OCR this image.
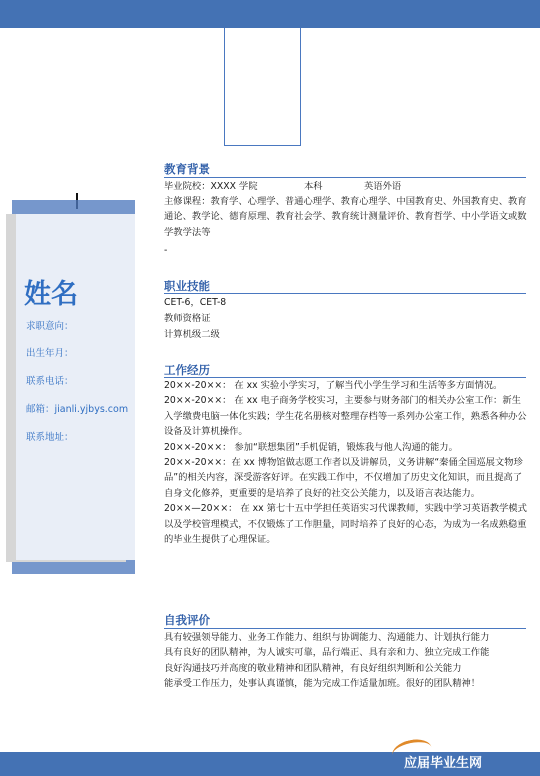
姓名
求职意向：
出生年月：
联系电话：
邮箱：jianli.yjbys.com
联系地址：
教育背景
毕业院校：XXXX 学院	本科	英语外语
主修课程：教育学、心理学、普通心理学、教育心理学、中国教育史、外国教育史、教育通论、教学论、德育原理、教育社会学、教育统计测量评价、教育哲学、中小学语文或数学教学法等
-
职业技能
CET-6，CET-8
教师资格证
计算机级二级
工作经历
20××-20××： 在 xx 实验小学实习，了解当代小学生学习和生活等多方面情况。
20××-20××： 在 xx 电子商务学校实习，主要参与财务部门的相关办公室工作：新生入学缴费电脑一体化实践；学生花名册核对整理存档等一系列办公室工作，熟悉各种办公设备及计算机操作。
20××-20××： 参加“联想集团”手机促销，锻炼我与他人沟通的能力。
20××-20××：在 xx 博物馆做志愿工作者以及讲解员，义务讲解“秦俑全国巡展文物珍品”的相关内容，深受游客好评。在实践工作中，不仅增加了历史文化知识，而且提高了自身文化修养，更重要的是培养了良好的社交公关能力，以及语言表达能力。
20××—20××： 在 xx 第七十五中学担任英语实习代课教师，实践中学习英语教学模式以及学校管理模式，不仅锻炼了工作胆量，同时培养了良好的心态，为成为一名成熟稳重的毕业生提供了心理保证。
自我评价
具有较强领导能力、业务工作能力、组织与协调能力、沟通能力、计划执行能力
具有良好的团队精神，为人诚实可靠，品行端正、具有亲和力、独立完成工作能
良好沟通技巧并高度的敬业精神和团队精神，有良好组织判断和公关能力
能承受工作压力，处事认真谨慎，能为完成工作适量加班。很好的团队精神！
应届毕业生网
